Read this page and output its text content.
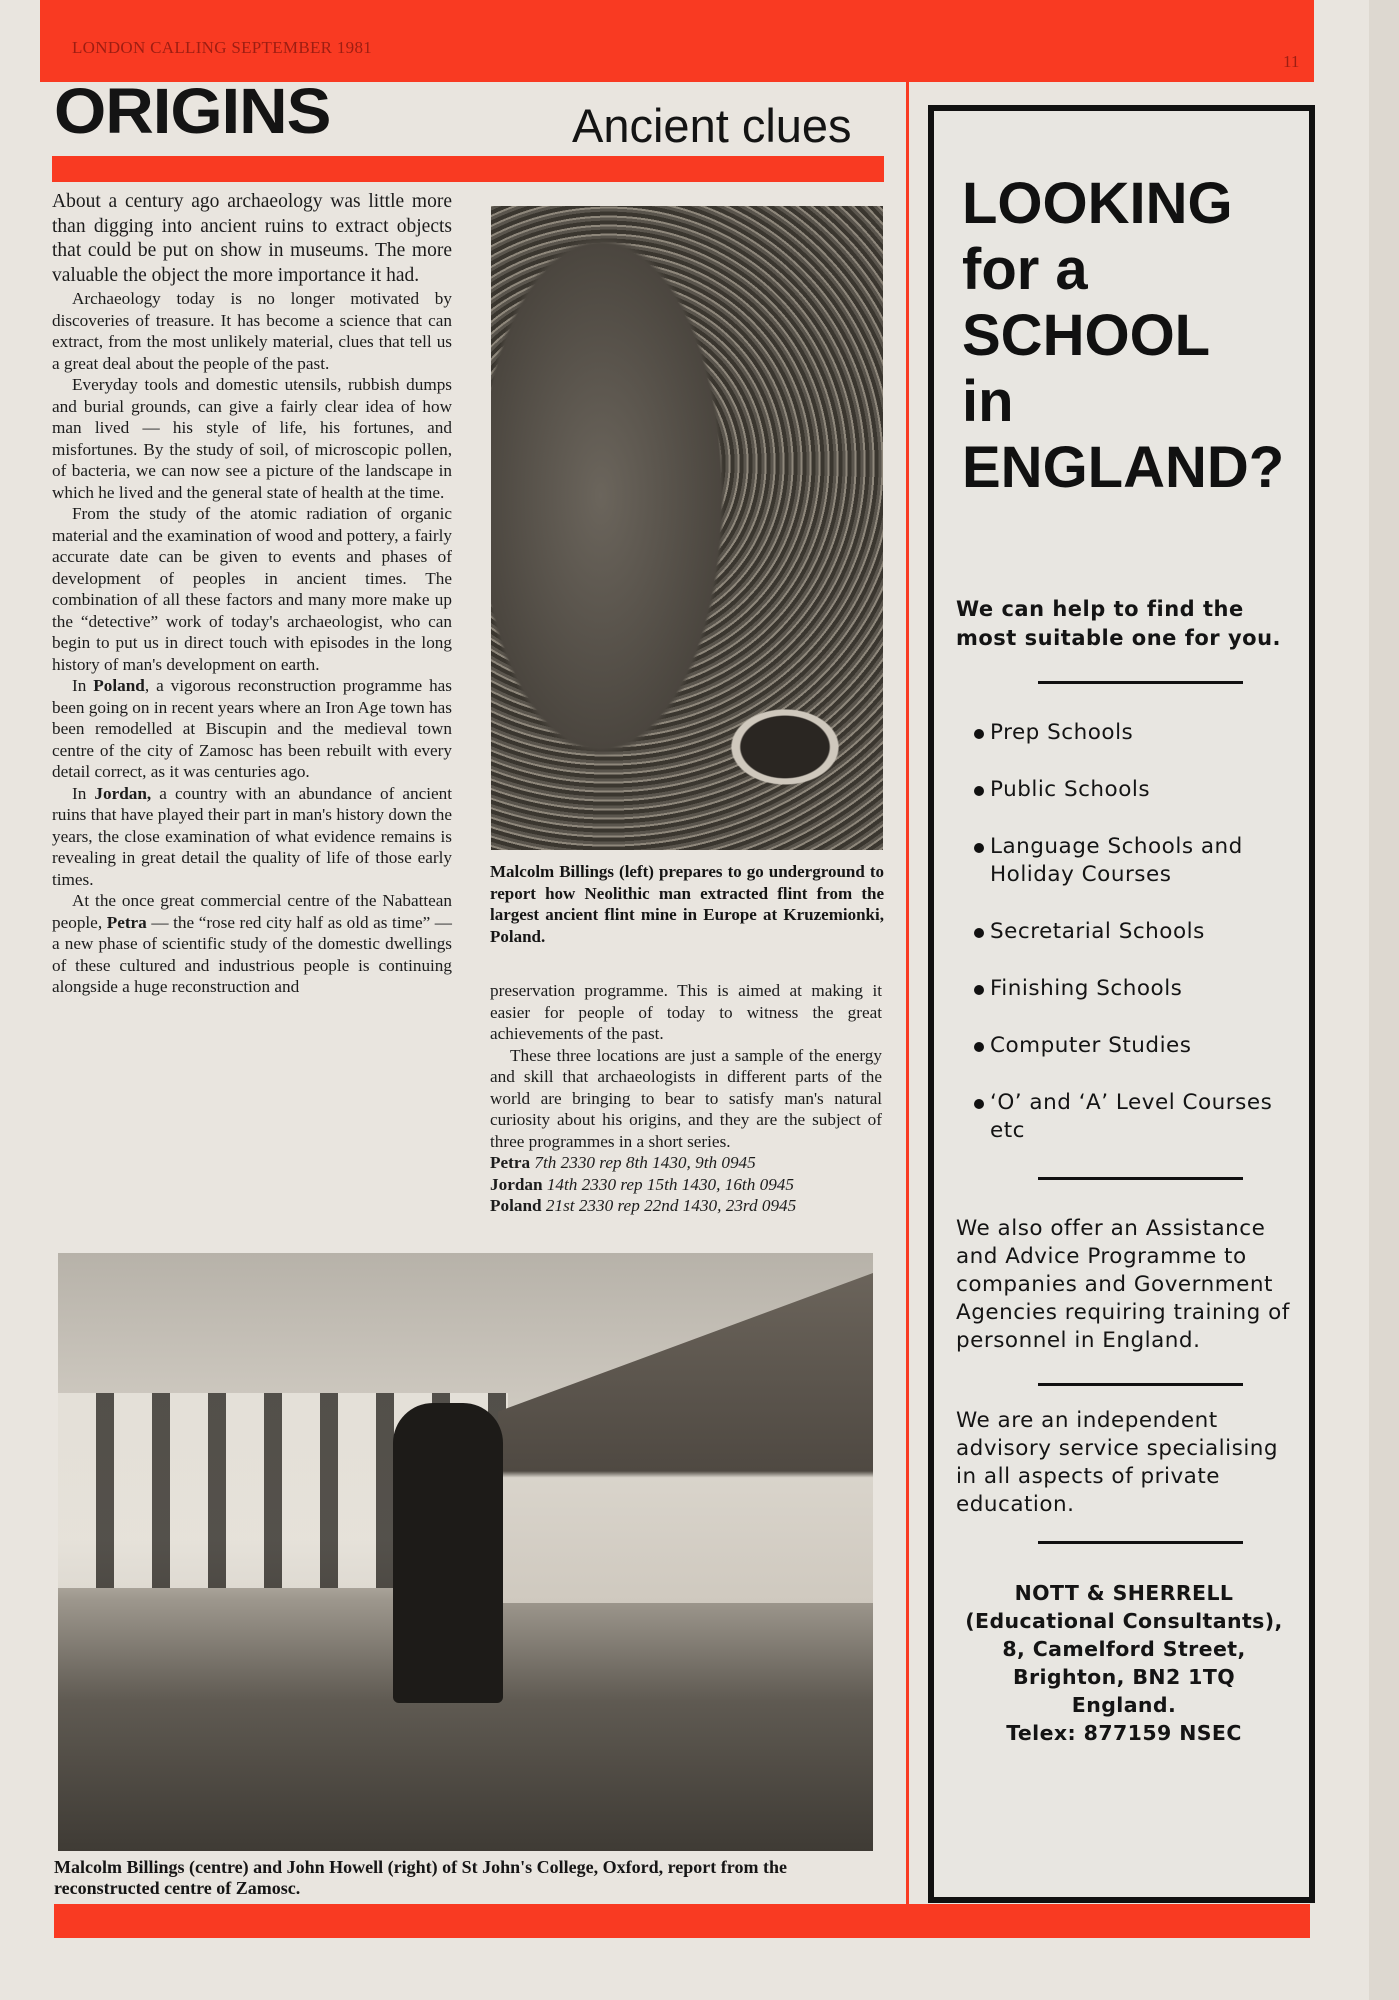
LONDON CALLING SEPTEMBER 1981
11
ORIGINS	Ancient clues

About a century ago archaeology was little more than digging into ancient ruins to extract objects that could be put on show in museums. The more valuable the object the more importance it had.

Archaeology today is no longer motivated by discoveries of treasure. It has become a science that can extract, from the most unlikely material, clues that tell us a great deal about the people of the past.

Everyday tools and domestic utensils, rubbish dumps and burial grounds, can give a fairly clear idea of how man lived — his style of life, his fortunes, and misfortunes. By the study of soil, of microscopic pollen, of bacteria, we can now see a picture of the landscape in which he lived and the general state of health at the time.

From the study of the atomic radiation of organic material and the examination of wood and pottery, a fairly accurate date can be given to events and phases of development of peoples in ancient times. The combination of all these factors and many more make up the “detective” work of today's archaeologist, who can begin to put us in direct touch with episodes in the long history of man's development on earth.

In Poland, a vigorous reconstruction programme has been going on in recent years where an Iron Age town has been remodelled at Biscupin and the medieval town centre of the city of Zamosc has been rebuilt with every detail correct, as it was centuries ago.

In Jordan, a country with an abundance of ancient ruins that have played their part in man's history down the years, the close examination of what evidence remains is revealing in great detail the quality of life of those early times.

At the once great commercial centre of the Nabattean people, Petra — the “rose red city half as old as time” — a new phase of scientific study of the domestic dwellings of these cultured and industrious people is continuing alongside a huge reconstruction and

Malcolm Billings (left) prepares to go underground to report how Neolithic man extracted flint from the largest ancient flint mine in Europe at Kruzemionki, Poland.

preservation programme. This is aimed at making it easier for people of today to witness the great achievements of the past.

These three locations are just a sample of the energy and skill that archaeologists in different parts of the world are bringing to bear to satisfy man's natural curiosity about his origins, and they are the subject of three programmes in a short series.

Petra 7th 2330 rep 8th 1430, 9th 0945

Jordan 14th 2330 rep 15th 1430, 16th 0945

Poland 21st 2330 rep 22nd 1430, 23rd 0945

Malcolm Billings (centre) and John Howell (right) of St John's College, Oxford, report from the reconstructed centre of Zamosc.
LOOKING
for a
SCHOOL
in
ENGLAND?
We can help to find the most suitable one for you.
Prep Schools
Public Schools
Language Schools and Holiday Courses
Secretarial Schools
Finishing Schools
Computer Studies
‘O’ and ‘A’ Level Courses etc
We also offer an Assistance and Advice Programme to companies and Government Agencies requiring training of personnel in England.
We are an independent advisory service specialising in all aspects of private education.
NOTT & SHERRELL
(Educational Consultants),
8, Camelford Street,
Brighton, BN2 1TQ
England.
Telex: 877159 NSEC
